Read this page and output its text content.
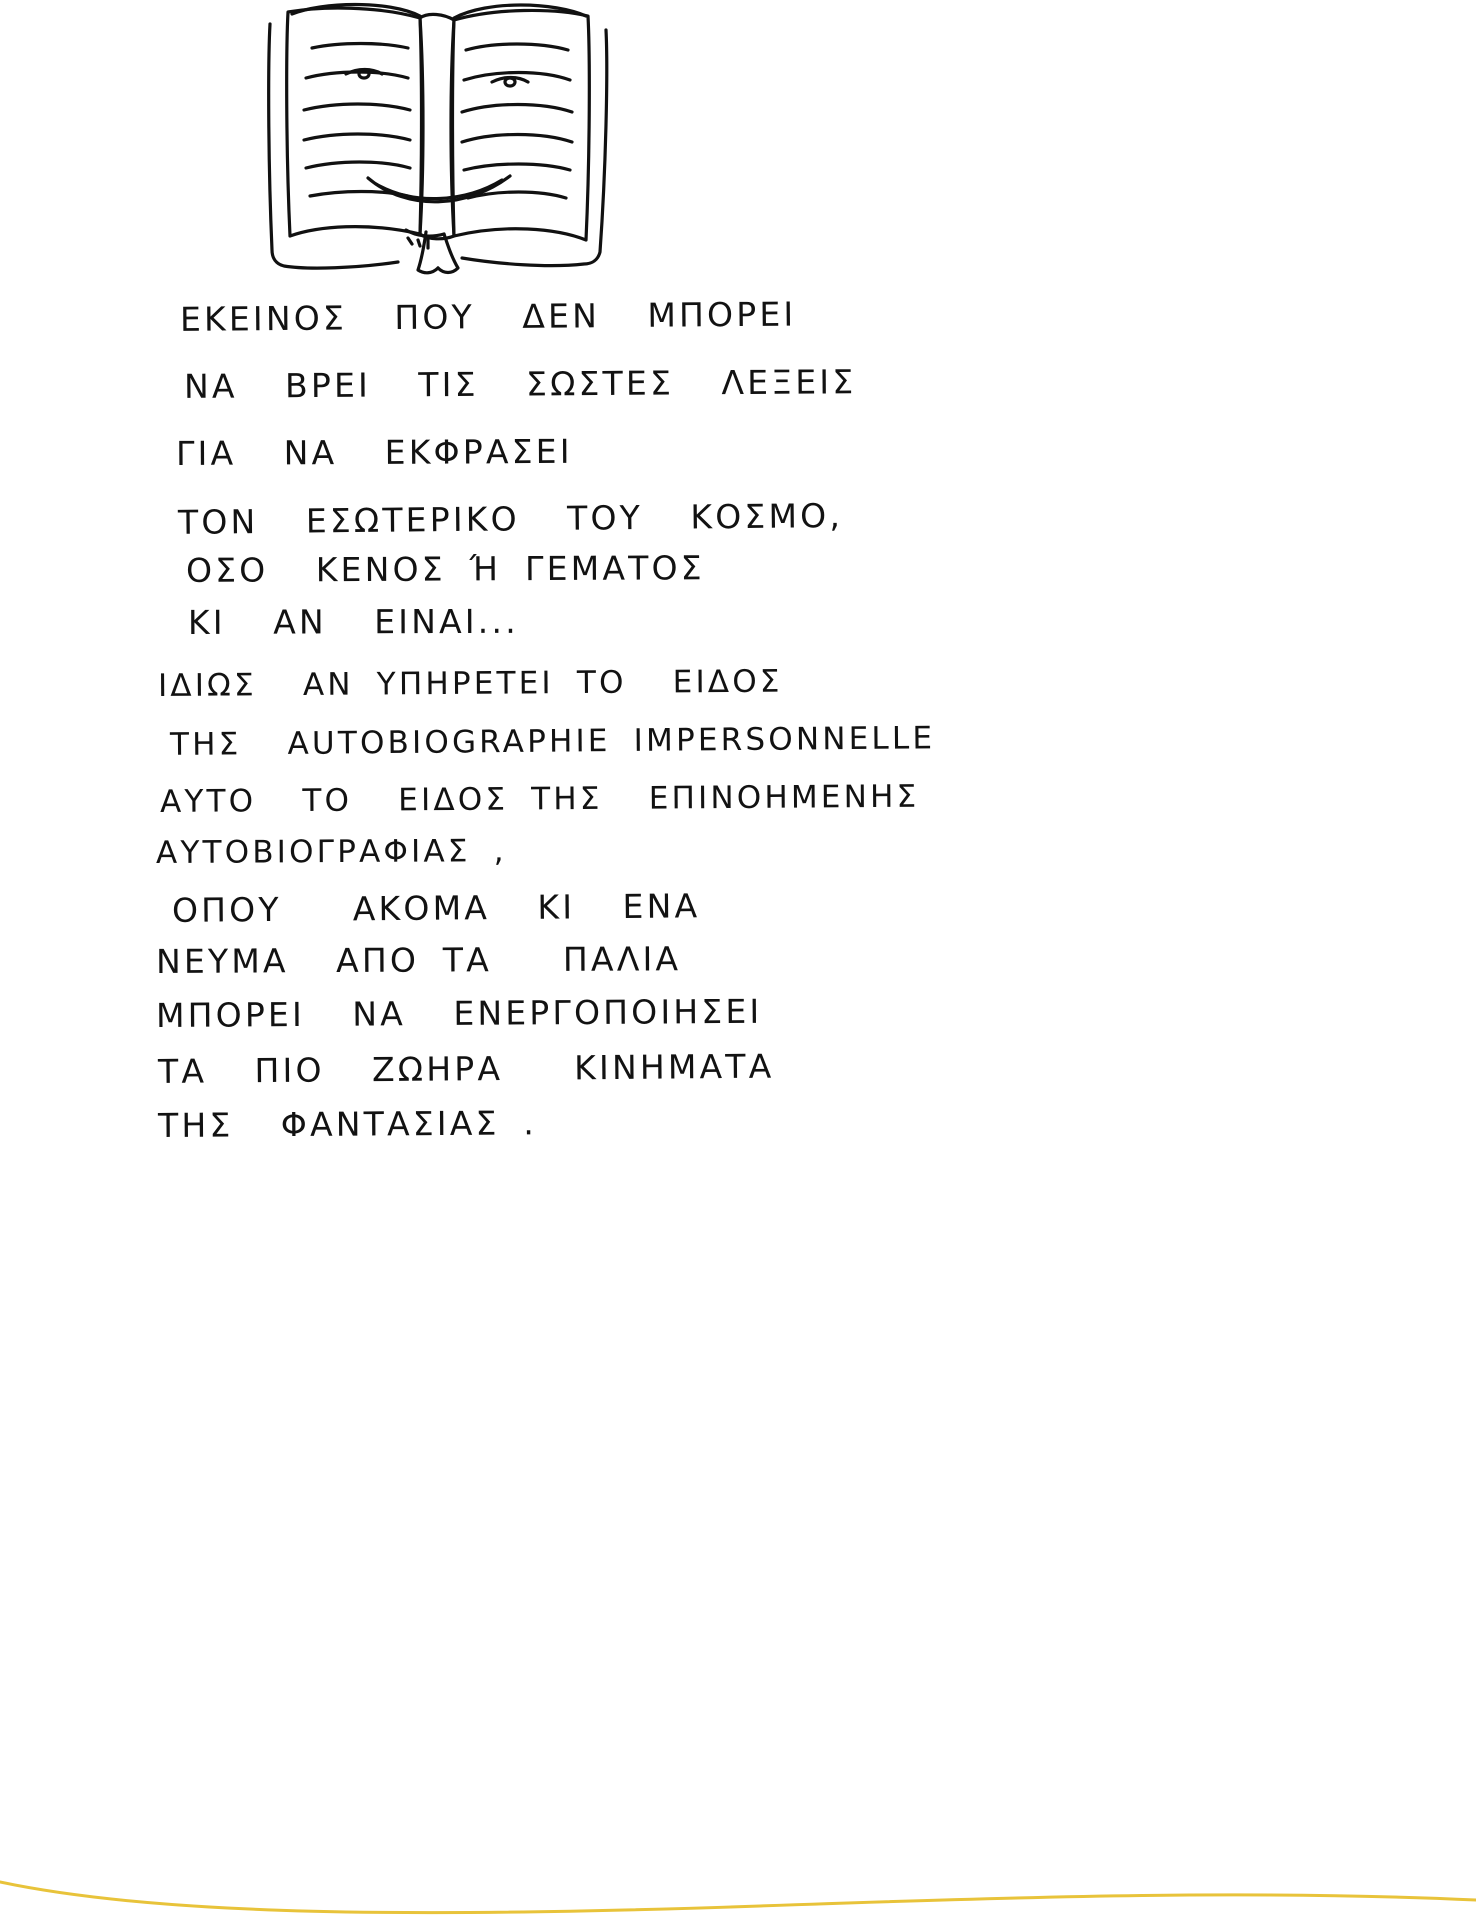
ΕΚΕΙΝΟΣ  ΠΟΥ  ΔΕΝ  ΜΠΟΡΕΙ
ΝΑ  ΒΡΕΙ  ΤΙΣ  ΣΩΣΤΕΣ  ΛΕΞΕΙΣ
ΓΙΑ  ΝΑ  ΕΚΦΡΑΣΕΙ
ΤΟΝ  ΕΣΩΤΕΡΙΚΟ  ΤΟΥ  ΚΟΣΜΟ,
ΟΣΟ  ΚΕΝΟΣ Ή ΓΕΜΑΤΟΣ
ΚΙ  ΑΝ  ΕΙΝΑΙ...
ΙΔΙΩΣ  ΑΝ ΥΠΗΡΕΤΕΙ ΤΟ  ΕΙΔΟΣ
ΤΗΣ  AUTOBIOGRAPHIE IMPERSONNELLE
ΑΥΤΟ  ΤΟ  ΕΙΔΟΣ ΤΗΣ  ΕΠΙΝΟΗΜΕΝΗΣ
ΑΥΤΟΒΙΟΓΡΑΦΙΑΣ ,
ΟΠΟΥ   ΑΚΟΜΑ  ΚΙ  ΕΝΑ
ΝΕΥΜΑ  ΑΠΟ ΤΑ   ΠΑΛΙΑ
ΜΠΟΡΕΙ  ΝΑ  ΕΝΕΡΓΟΠΟΙΗΣΕΙ
ΤΑ  ΠΙΟ  ΖΩΗΡΑ   ΚΙΝΗΜΑΤΑ
ΤΗΣ  ΦΑΝΤΑΣΙΑΣ .
